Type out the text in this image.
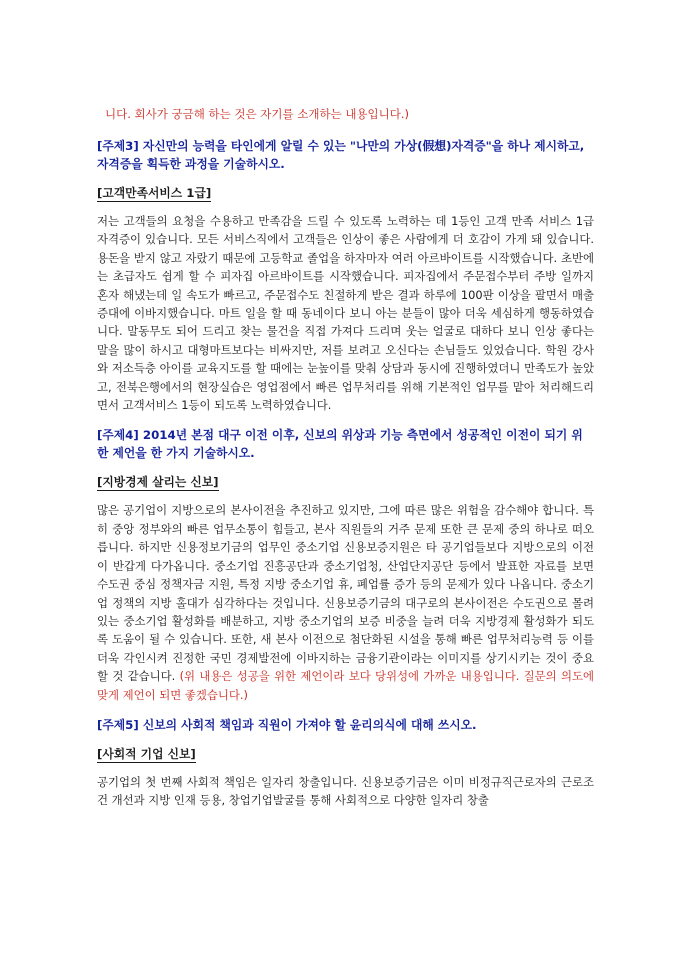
니다. 회사가 궁금해 하는 것은 자기를 소개하는 내용입니다.)

[주제3] 자신만의 능력을 타인에게 알릴 수 있는 "나만의 가상(假想)자격증"을 하나 제시하고, 자격증을 획득한 과정을 기술하시오.

[고객만족서비스 1급]

저는 고객들의 요청을 수용하고 만족감을 드릴 수 있도록 노력하는 데 1등인 고객 만족 서비스 1급 자격증이 있습니다. 모든 서비스직에서 고객들은 인상이 좋은 사람에게 더 호감이 가게 돼 있습니다. 용돈을 받지 않고 자랐기 때문에 고등학교 졸업을 하자마자 여러 아르바이트를 시작했습니다. 초반에는 초급자도 쉽게 할 수 피자집 아르바이트를 시작했습니다. 피자집에서 주문접수부터 주방 일까지 혼자 해냈는데 일 속도가 빠르고, 주문접수도 친절하게 받은 결과 하루에 100판 이상을 팔면서 매출증대에 이바지했습니다. 마트 일을 할 때 동네이다 보니 아는 분들이 많아 더욱 세심하게 행동하였습니다. 말동무도 되어 드리고 찾는 물건을 직접 가져다 드리며 웃는 얼굴로 대하다 보니 인상 좋다는 말을 많이 하시고 대형마트보다는 비싸지만, 저를 보려고 오신다는 손님들도 있었습니다. 학원 강사와 저소득층 아이를 교육지도를 할 때에는 눈높이를 맞춰 상담과 동시에 진행하였더니 만족도가 높았고, 전북은행에서의 현장실습은 영업점에서 빠른 업무처리를 위해 기본적인 업무를 맡아 처리해드리면서 고객서비스 1등이 되도록 노력하였습니다.

[주제4] 2014년 본점 대구 이전 이후, 신보의 위상과 기능 측면에서 성공적인 이전이 되기 위한 제언을 한 가지 기술하시오.

[지방경제 살리는 신보]

많은 공기업이 지방으로의 본사이전을 추진하고 있지만, 그에 따른 많은 위험을 감수해야 합니다. 특히 중앙 정부와의 빠른 업무소통이 힘들고, 본사 직원들의 거주 문제 또한 큰 문제 중의 하나로 떠오릅니다. 하지만 신용정보기금의 업무인 중소기업 신용보증지원은 타 공기업들보다 지방으로의 이전이 반갑게 다가옵니다. 중소기업 진흥공단과 중소기업청, 산업단지공단 등에서 발표한 자료를 보면 수도권 중심 정책자금 지원, 특정 지방 중소기업 휴, 폐업률 증가 등의 문제가 있다 나옵니다. 중소기업 정책의 지방 홀대가 심각하다는 것입니다. 신용보증기금의 대구로의 본사이전은 수도권으로 몰려 있는 중소기업 활성화를 배분하고, 지방 중소기업의 보증 비중을 늘려 더욱 지방경제 활성화가 되도록 도움이 될 수 있습니다. 또한, 새 본사 이전으로 첨단화된 시설을 통해 빠른 업무처리능력 등 이를 더욱 각인시켜 진정한 국민 경제발전에 이바지하는 금융기관이라는 이미지를 상기시키는 것이 중요할 것 같습니다. (위 내용은 성공을 위한 제언이라 보다 당위성에 가까운 내용입니다. 질문의 의도에 맞게 제언이 되면 좋겠습니다.)

[주제5] 신보의 사회적 책임과 직원이 가져야 할 윤리의식에 대해 쓰시오.

[사회적 기업 신보]

공기업의 첫 번째 사회적 책임은 일자리 창출입니다. 신용보증기금은 이미 비정규직근로자의 근로조건 개선과 지방 인재 등용, 창업기업발굴를 통해 사회적으로 다양한 일자리 창출
